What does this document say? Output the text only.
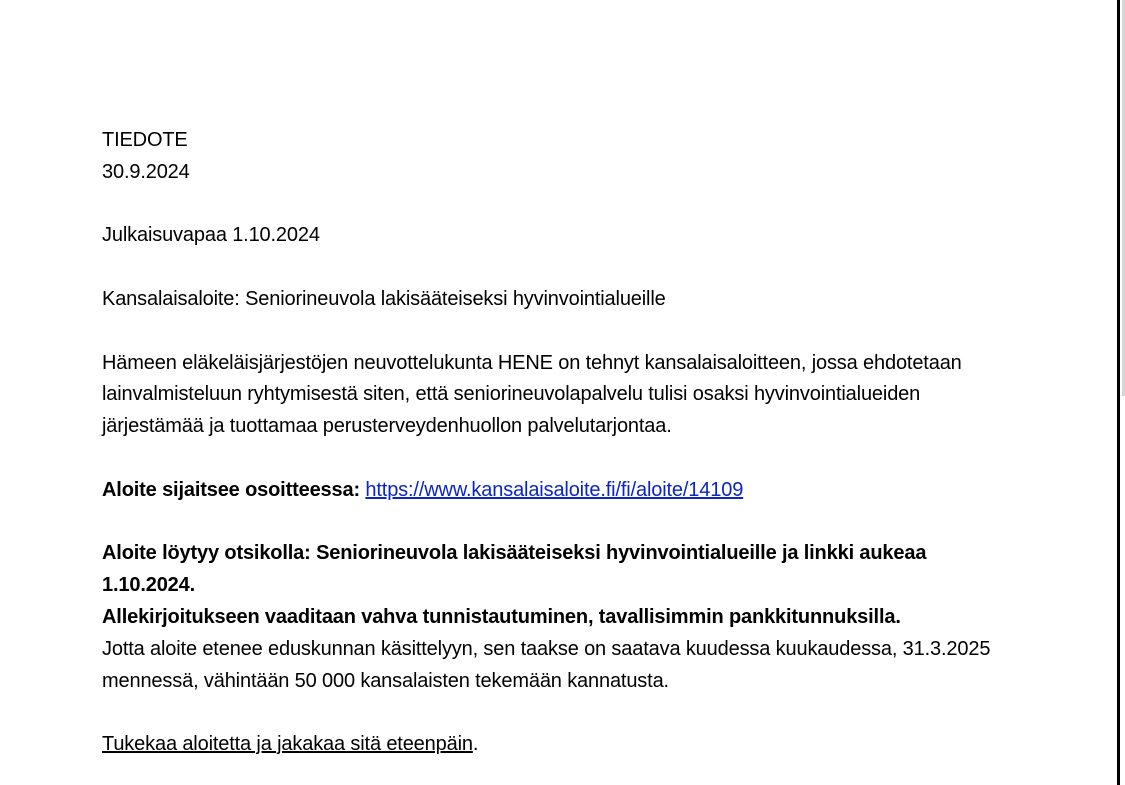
TIEDOTE

30.9.2024

Julkaisuvapaa 1.10.2024

Kansalaisaloite: Seniorineuvola lakisääteiseksi hyvinvointialueille

Hämeen eläkeläisjärjestöjen neuvottelukunta HENE on tehnyt kansalaisaloitteen, jossa ehdotetaan lainvalmisteluun ryhtymisestä siten, että seniorineuvolapalvelu tulisi osaksi hyvinvointialueiden järjestämää ja tuottamaa perusterveydenhuollon palvelutarjontaa.

Aloite sijaitsee osoitteessa: https://www.kansalaisaloite.fi/fi/aloite/14109

Aloite löytyy otsikolla: Seniorineuvola lakisääteiseksi hyvinvointialueille ja linkki aukeaa 1.10.2024.

Allekirjoitukseen vaaditaan vahva tunnistautuminen, tavallisimmin pankkitunnuksilla.

Jotta aloite etenee eduskunnan käsittelyyn, sen taakse on saatava kuudessa kuukaudessa, 31.3.2025 mennessä, vähintään 50 000 kansalaisten tekemään kannatusta.

Tukekaa aloitetta ja jakakaa sitä eteenpäin.
